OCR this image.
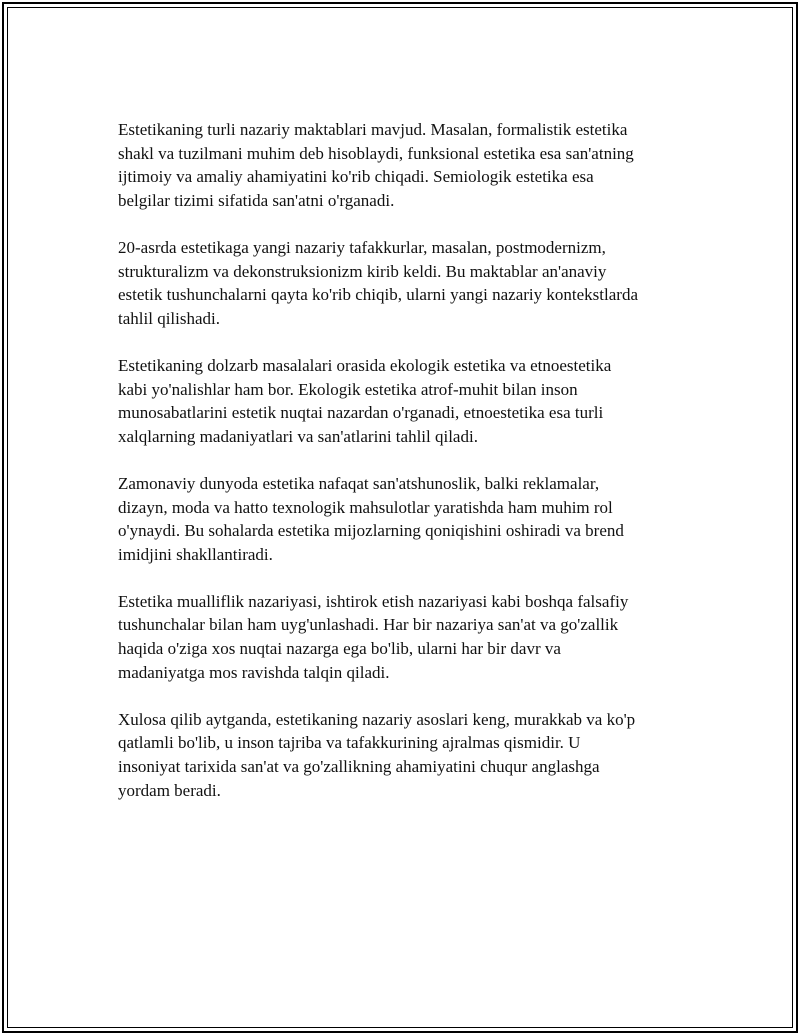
Estetikaning turli nazariy maktablari mavjud. Masalan, formalistik estetika
shakl va tuzilmani muhim deb hisoblaydi, funksional estetika esa san'atning
ijtimoiy va amaliy ahamiyatini ko'rib chiqadi. Semiologik estetika esa
belgilar tizimi sifatida san'atni o'rganadi.

20-asrda estetikaga yangi nazariy tafakkurlar, masalan, postmodernizm,
strukturalizm va dekonstruksionizm kirib keldi. Bu maktablar an'anaviy
estetik tushunchalarni qayta ko'rib chiqib, ularni yangi nazariy kontekstlarda
tahlil qilishadi.

Estetikaning dolzarb masalalari orasida ekologik estetika va etnoestetika
kabi yo'nalishlar ham bor. Ekologik estetika atrof-muhit bilan inson
munosabatlarini estetik nuqtai nazardan o'rganadi, etnoestetika esa turli
xalqlarning madaniyatlari va san'atlarini tahlil qiladi.

Zamonaviy dunyoda estetika nafaqat san'atshunoslik, balki reklamalar,
dizayn, moda va hatto texnologik mahsulotlar yaratishda ham muhim rol
o'ynaydi. Bu sohalarda estetika mijozlarning qoniqishini oshiradi va brend
imidjini shakllantiradi.

Estetika mualliflik nazariyasi, ishtirok etish nazariyasi kabi boshqa falsafiy
tushunchalar bilan ham uyg'unlashadi. Har bir nazariya san'at va go'zallik
haqida o'ziga xos nuqtai nazarga ega bo'lib, ularni har bir davr va
madaniyatga mos ravishda talqin qiladi.

Xulosa qilib aytganda, estetikaning nazariy asoslari keng, murakkab va ko'p
qatlamli bo'lib, u inson tajriba va tafakkurining ajralmas qismidir. U
insoniyat tarixida san'at va go'zallikning ahamiyatini chuqur anglashga
yordam beradi.
